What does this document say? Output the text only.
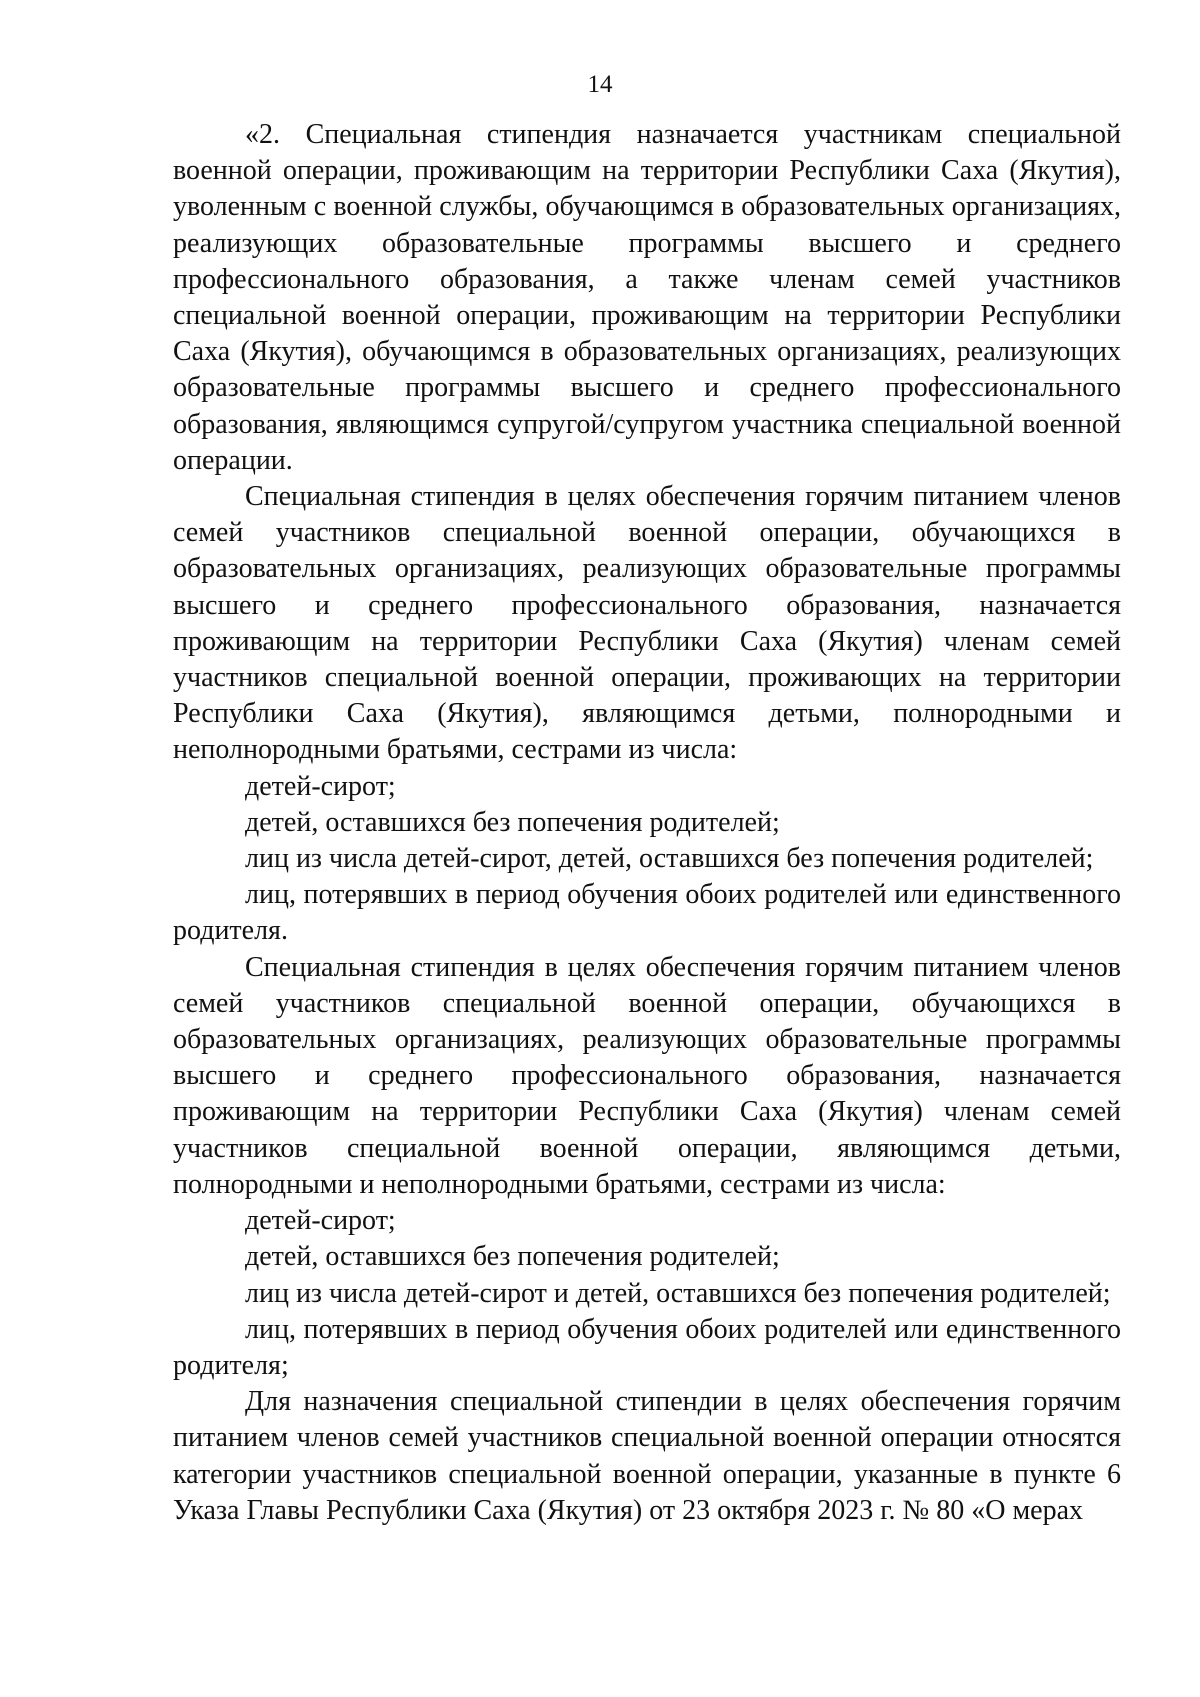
14

«2. Специальная стипендия назначается участникам специальной военной операции, проживающим на территории Республики Саха (Якутия), уволенным с военной службы, обучающимся в образовательных организациях, реализующих образовательные программы высшего и среднего профессионального образования, а также членам семей участников специальной военной операции, проживающим на территории Республики Саха (Якутия), обучающимся в образовательных организациях, реализующих образовательные программы высшего и среднего профессионального образования, являющимся супругой/супругом участника специальной военной операции.

Специальная стипендия в целях обеспечения горячим питанием членов семей участников специальной военной операции, обучающихся в образовательных организациях, реализующих образовательные программы высшего и среднего профессионального образования, назначается проживающим на территории Республики Саха (Якутия) членам семей участников специальной военной операции, проживающих на территории Республики Саха (Якутия), являющимся детьми, полнородными и неполнородными братьями, сестрами из числа:

детей-сирот;

детей, оставшихся без попечения родителей;

лиц из числа детей-сирот, детей, оставшихся без попечения родителей;

лиц, потерявших в период обучения обоих родителей или единственного родителя.

Специальная стипендия в целях обеспечения горячим питанием членов семей участников специальной военной операции, обучающихся в образовательных организациях, реализующих образовательные программы высшего и среднего профессионального образования, назначается проживающим на территории Республики Саха (Якутия) членам семей участников специальной военной операции, являющимся детьми, полнородными и неполнородными братьями, сестрами из числа:

детей-сирот;

детей, оставшихся без попечения родителей;

лиц из числа детей-сирот и детей, оставшихся без попечения родителей;

лиц, потерявших в период обучения обоих родителей или единственного родителя;

Для назначения специальной стипендии в целях обеспечения горячим питанием членов семей участников специальной военной операции относятся категории участников специальной военной операции, указанные в пункте 6 Указа Главы Республики Саха (Якутия) от 23 октября 2023 г. № 80 «О мерах
